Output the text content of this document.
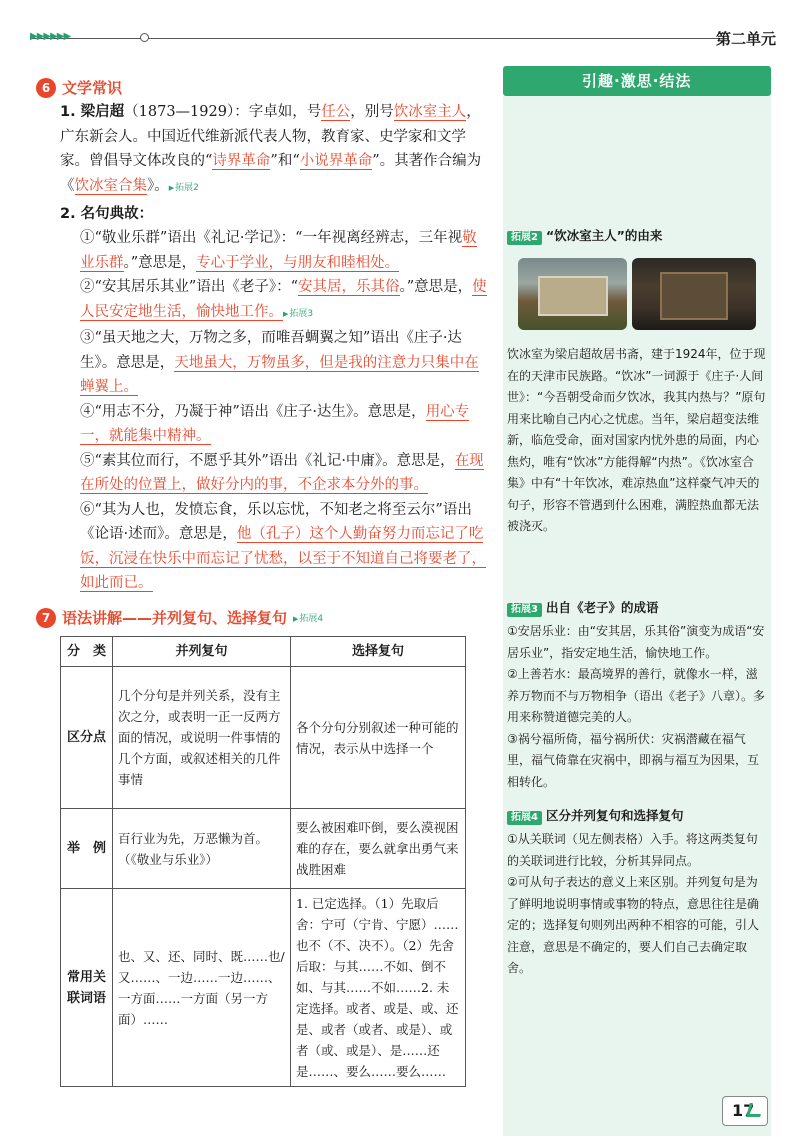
▶▶▶▶▶▶	第二单元
6 文学常识

1. 梁启超（1873—1929）：字卓如，号任公，别号饮冰室主人，广东新会人。中国近代维新派代表人物，教育家、史学家和文学家。曾倡导文体改良的“诗界革命”和“小说界革命”。其著作合编为《饮冰室合集》。 ▶ 拓展2

2. 名句典故：

①“敬业乐群”语出《礼记·学记》：“一年视离经辨志，三年视敬业乐群。”意思是，专心于学业，与朋友和睦相处。

②“安其居乐其业”语出《老子》：“安其居，乐其俗。”意思是，使人民安定地生活，愉快地工作。 ▶ 拓展3

③“虽天地之大，万物之多，而唯吾蜩翼之知”语出《庄子·达生》。意思是，天地虽大，万物虽多，但是我的注意力只集中在蝉翼上。

④“用志不分，乃凝于神”语出《庄子·达生》。意思是，用心专一，就能集中精神。

⑤“素其位而行，不愿乎其外”语出《礼记·中庸》。意思是，在现在所处的位置上，做好分内的事，不企求本分外的事。

⑥“其为人也，发愤忘食，乐以忘忧，不知老之将至云尔”语出《论语·述而》。意思是，他（孔子）这个人勤奋努力而忘记了吃饭，沉浸在快乐中而忘记了忧愁，以至于不知道自己将要老了，如此而已。

7 语法讲解——并列复句、选择复句	▶ 拓展4
分　类	并列复句	选择复句
区分点	几个分句是并列关系，没有主次之分，或表明一正一反两方面的情况，或说明一件事情的几个方面，或叙述相关的几件事情	各个分句分别叙述一种可能的情况，表示从中选择一个
举　例	百行业为先，万恶懒为首。（《敬业与乐业》）	要么被困难吓倒，要么漠视困难的存在，要么就拿出勇气来战胜困难
常用关联词语	也、又、还、同时、既……也/又……、一边……一边……、一方面……一方面（另一方面）……	1. 已定选择。（1）先取后舍：宁可（宁肯、宁愿）……也不（不、决不）。（2）先舍后取：与其……不如、倒不如、与其……不如……2. 未定选择。或者、或是、或、还是、或者（或者、或是）、或者（或、或是）、是……还是……、要么……要么……
引趣·激思·结法
拓展2 “饮冰室主人”的由来
饮冰室为梁启超故居书斋，建于1924年，位于现在的天津市民族路。“饮冰”一词源于《庄子·人间世》：“今吾朝受命而夕饮冰，我其内热与？”原句用来比喻自己内心之忧虑。当年，梁启超变法维新，临危受命，面对国家内忧外患的局面，内心焦灼，唯有“饮冰”方能得解“内热”。《饮冰室合集》中有“十年饮冰，难凉热血”这样豪气冲天的句子，形容不管遇到什么困难，满腔热血都无法被浇灭。
拓展3 出自《老子》的成语

①安居乐业：由“安其居，乐其俗”演变为成语“安居乐业”，指安定地生活，愉快地工作。

②上善若水：最高境界的善行，就像水一样，滋养万物而不与万物相争（语出《老子》八章）。多用来称赞道德完美的人。

③祸兮福所倚，福兮祸所伏：灾祸潜藏在福气里，福气倚靠在灾祸中，即祸与福互为因果，互相转化。

拓展4 区分并列复句和选择复句

①从关联词（见左侧表格）入手。将这两类复句的关联词进行比较，分析其异同点。

②可从句子表达的意义上来区别。并列复句是为了鲜明地说明事情或事物的特点，意思往往是确定的；选择复句则列出两种不相容的可能，引人注意，意思是不确定的，要人们自己去确定取舍。

17
